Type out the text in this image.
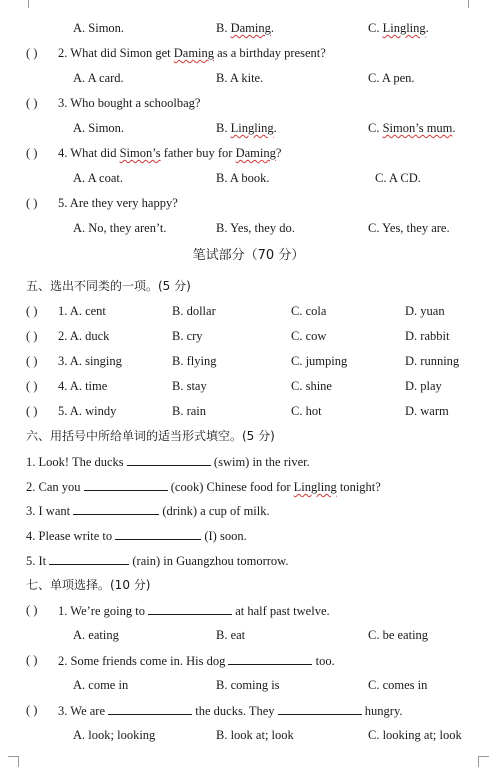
A. Simon.	B. Daming.	C. Lingling.
( ) 2. What did Simon get Daming as a birthday present?
A. A card.	B. A kite.	C. A pen.
( ) 3. Who bought a schoolbag?
A. Simon.	B. Lingling.	C. Simon’s mum.
( ) 4. What did Simon’s father buy for Daming?
A. A coat.	B. A book.	C. A CD.
( ) 5. Are they very happy?
A. No, they aren’t.	B. Yes, they do.	C. Yes, they are.
笔试部分（70 分）
五、选出不同类的一项。(5 分)
( ) 1. A. cent	B. dollar	C. cola	D. yuan
( ) 2. A. duck	B. cry	C. cow	D. rabbit
( ) 3. A. singing	B. flying	C. jumping	D. running
( ) 4. A. time	B. stay	C. shine	D. play
( ) 5. A. windy	B. rain	C. hot	D. warm
六、用括号中所给单词的适当形式填空。(5 分)
1. Look! The ducks	(swim) in the river.
2. Can you	(cook) Chinese food for Lingling tonight?
3. I want	(drink) a cup of milk.
4. Please write to	(I) soon.
5. It	(rain) in Guangzhou tomorrow.
七、单项选择。(10 分)
( ) 1. We’re going to	at half past twelve.
A. eating	B. eat	C. be eating
( ) 2. Some friends come in. His dog	too.
A. come in	B. coming is	C. comes in
( ) 3. We are	the ducks. They	hungry.
A. look; looking	B. look at; look	C. looking at; look
